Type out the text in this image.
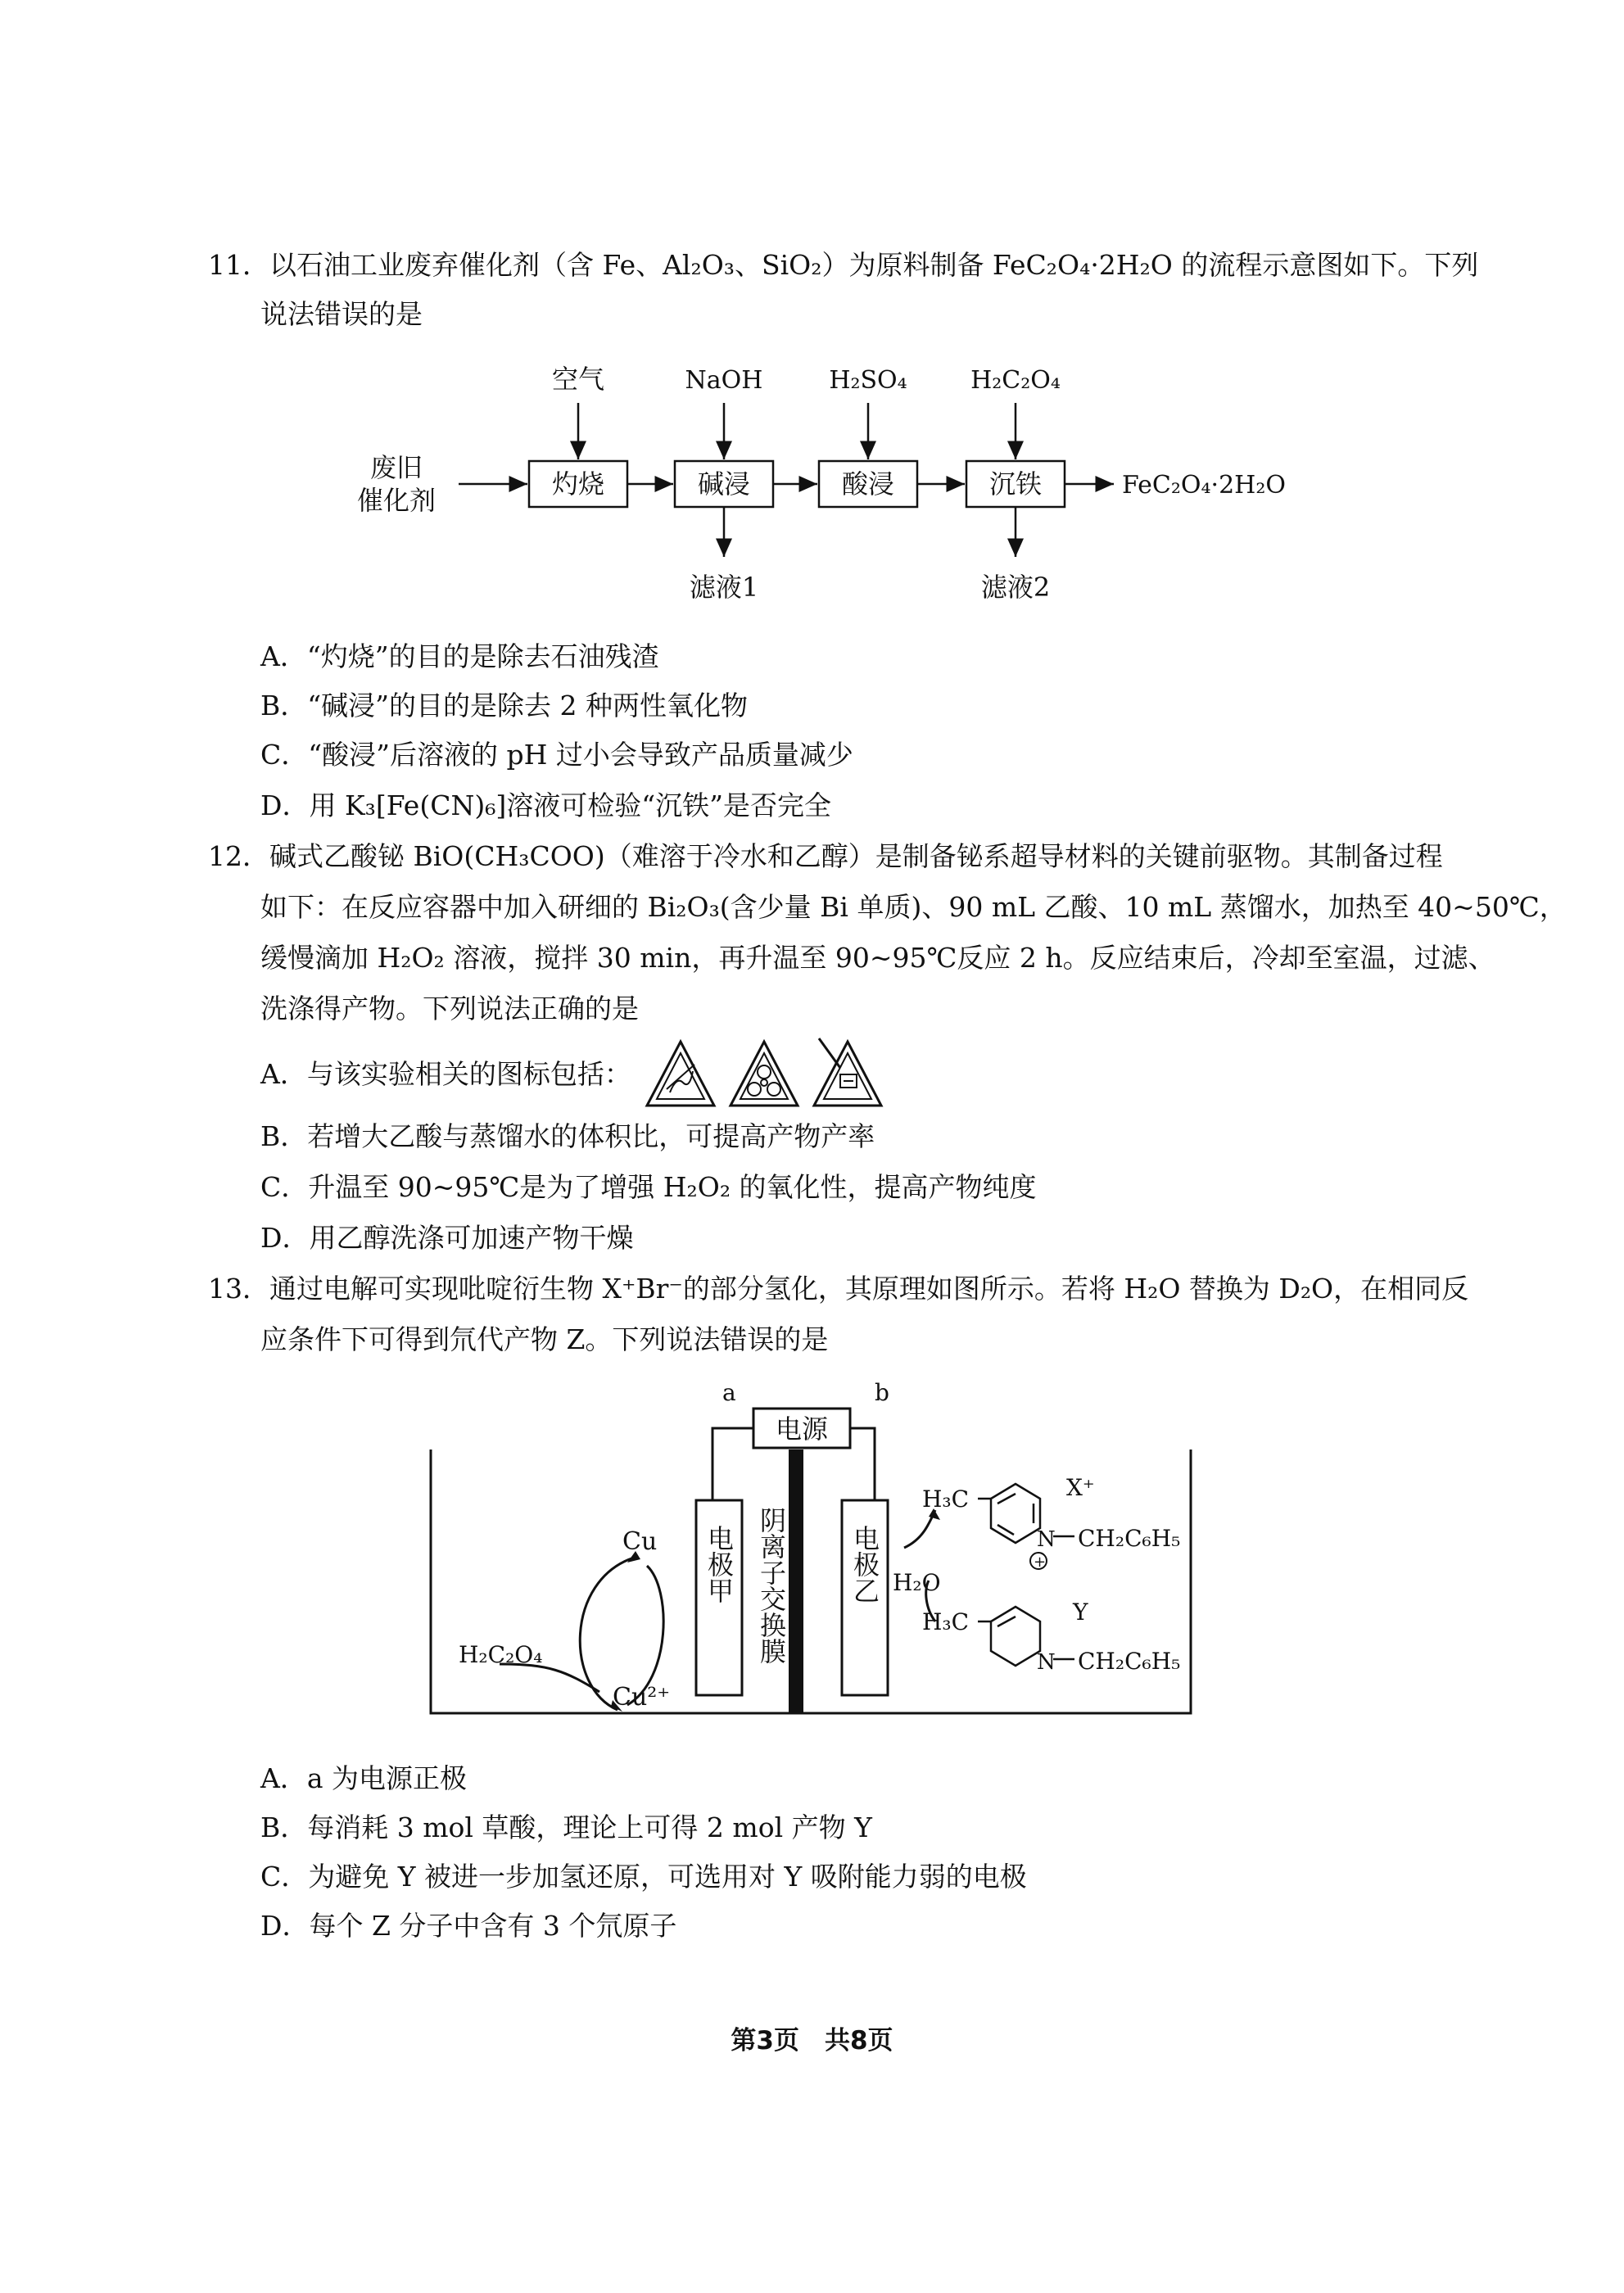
11．以石油工业废弃催化剂（含 Fe、Al₂O₃、SiO₂）为原料制备 FeC₂O₄·2H₂O 的流程示意图如下。下列
说法错误的是
空气	NaOH	H₂SO₄	H₂C₂O₄
废旧
催化剂
灼烧	碱浸	酸浸	沉铁	FeC₂O₄·2H₂O
滤液1	滤液2
A．“灼烧”的目的是除去石油残渣
B．“碱浸”的目的是除去 2 种两性氧化物
C．“酸浸”后溶液的 pH 过小会导致产品质量减少
D．用 K₃[Fe(CN)₆]溶液可检验“沉铁”是否完全
12．碱式乙酸铋 BiO(CH₃COO)（难溶于冷水和乙醇）是制备铋系超导材料的关键前驱物。其制备过程
如下：在反应容器中加入研细的 Bi₂O₃(含少量 Bi 单质)、90 mL 乙酸、10 mL 蒸馏水，加热至 40~50℃，
缓慢滴加 H₂O₂ 溶液，搅拌 30 min，再升温至 90~95℃反应 2 h。反应结束后，冷却至室温，过滤、
洗涤得产物。下列说法正确的是
A．与该实验相关的图标包括：
B．若增大乙酸与蒸馏水的体积比，可提高产物产率
C．升温至 90~95℃是为了增强 H₂O₂ 的氧化性，提高产物纯度
D．用乙醇洗涤可加速产物干燥
13．通过电解可实现吡啶衍生物 X⁺Br⁻的部分氢化，其原理如图所示。若将 H₂O 替换为 D₂O，在相同反
应条件下可得到氘代产物 Z。下列说法错误的是
a	b
电源
电极甲	电极乙
阴离子交换膜
Cu
Cu²⁺
H₂C₂O₄
H₂O
H₃C	X⁺
N
+
CH₂C₆H₅
H₃C	Y
N CH₂C₆H₅
A．a 为电源正极
B．每消耗 3 mol 草酸，理论上可得 2 mol 产物 Y
C．为避免 Y 被进一步加氢还原，可选用对 Y 吸附能力弱的电极
D．每个 Z 分子中含有 3 个氘原子
第3页　共8页
